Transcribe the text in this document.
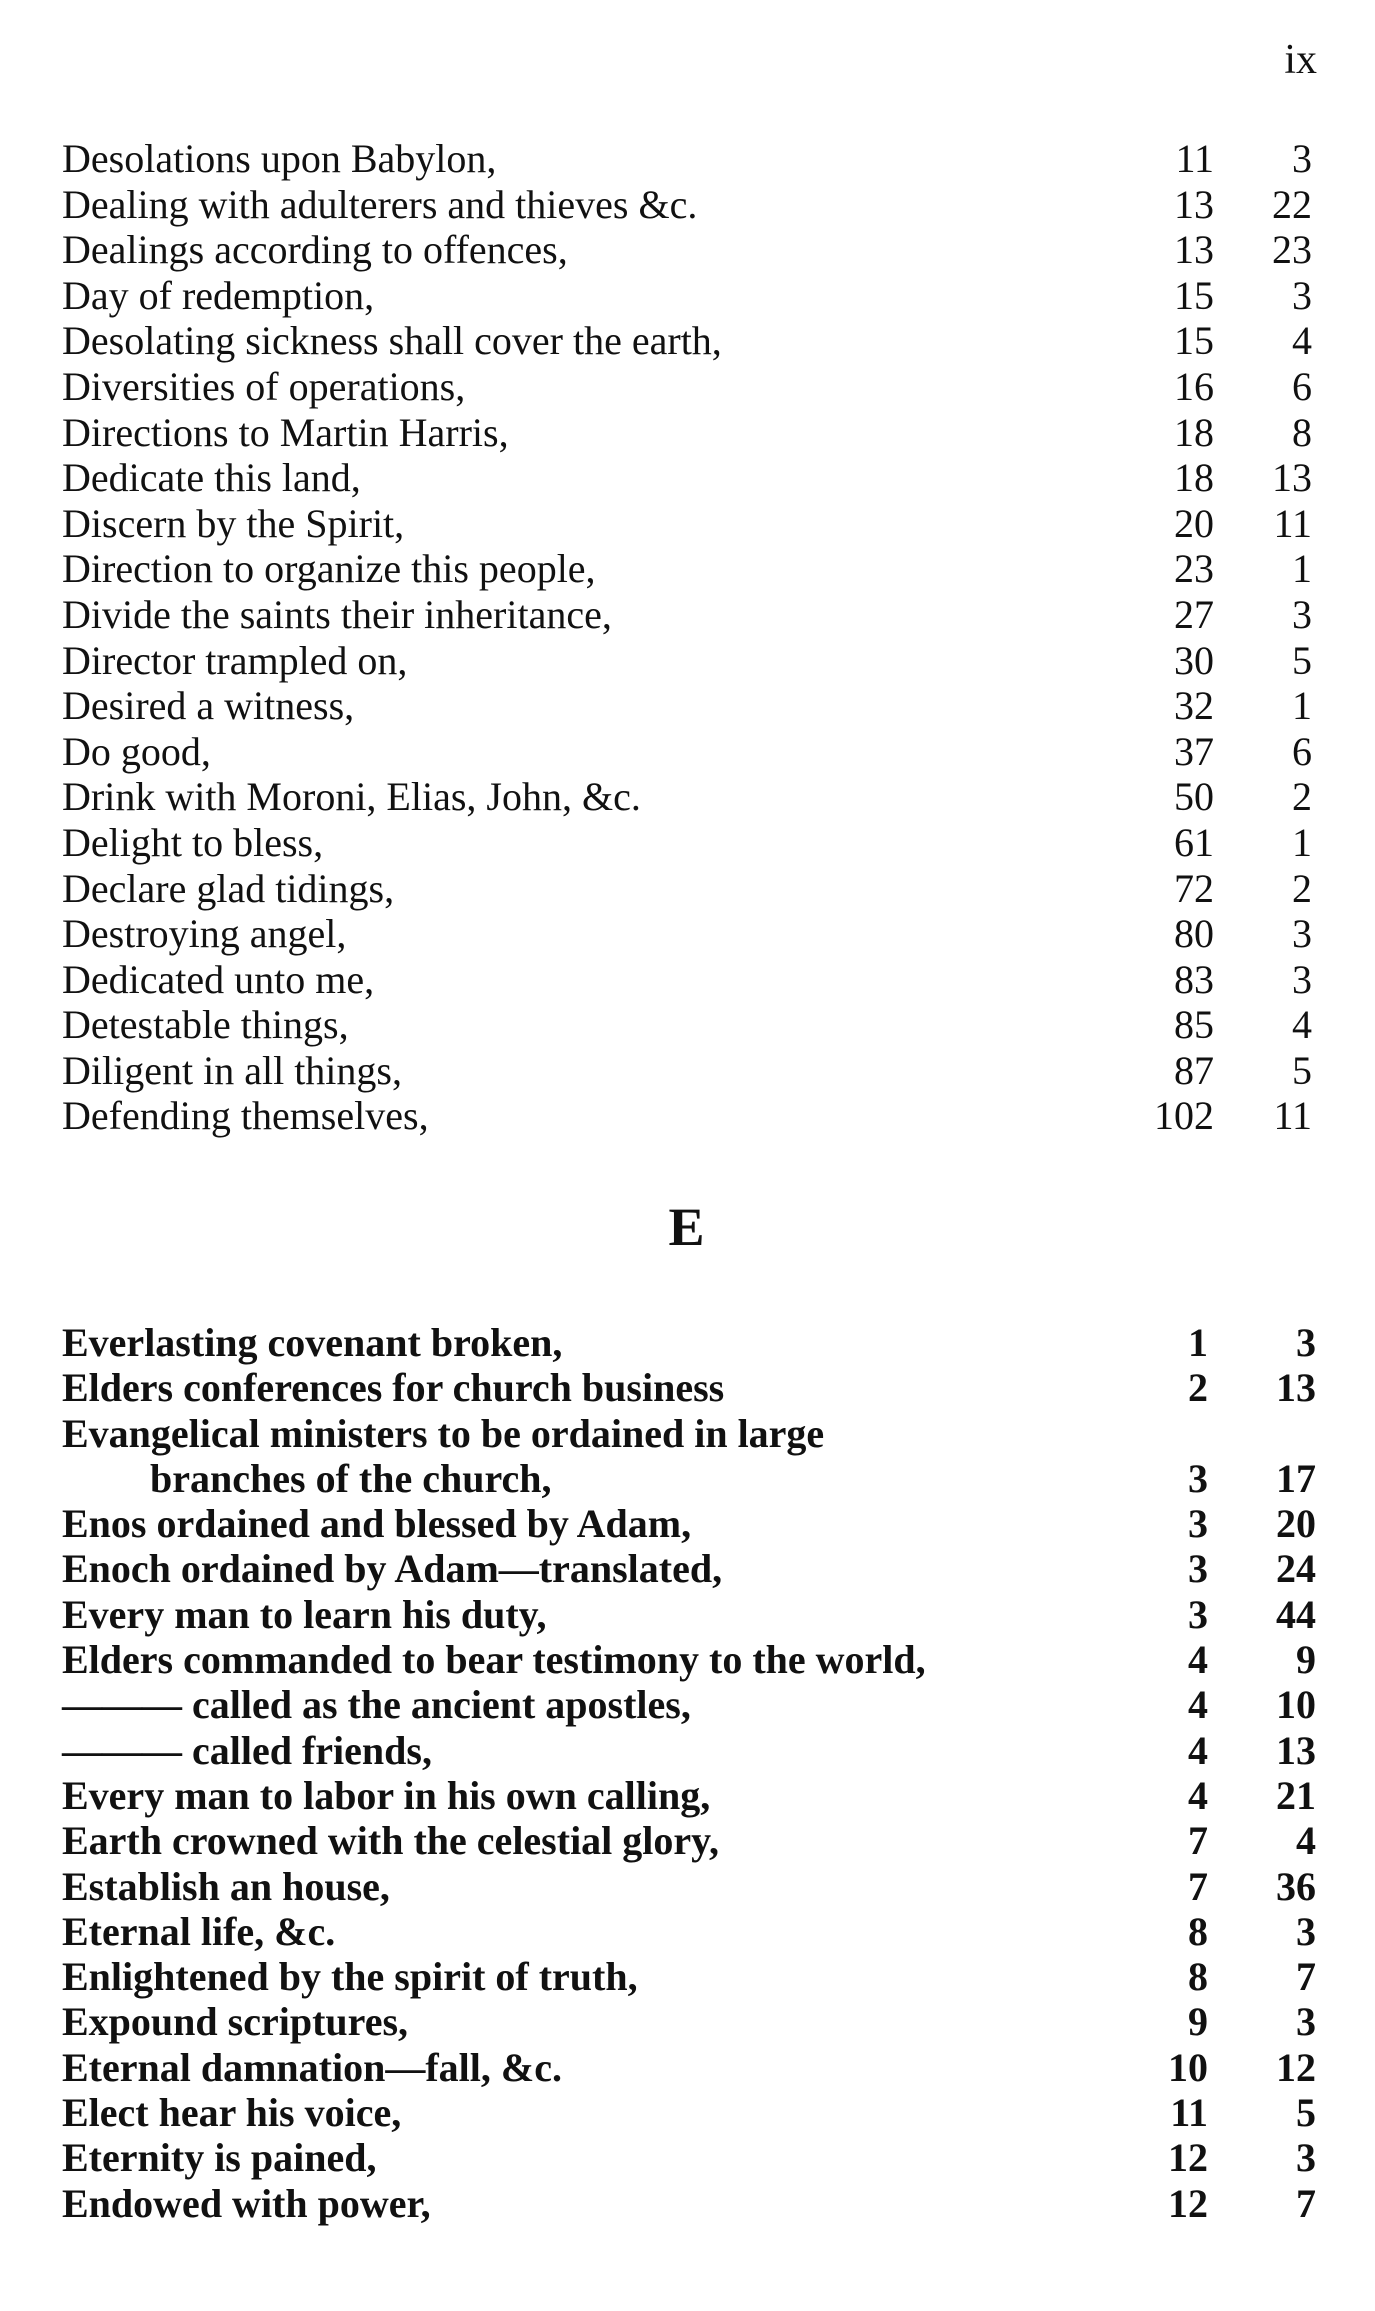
ix
Desolations upon Babylon,	11	3
Dealing with adulterers and thieves &c.	13	22
Dealings according to offences,	13	23
Day of redemption,	15	3
Desolating sickness shall cover the earth,	15	4
Diversities of operations,	16	6
Directions to Martin Harris,	18	8
Dedicate this land,	18	13
Discern by the Spirit,	20	11
Direction to organize this people,	23	1
Divide the saints their inheritance,	27	3
Director trampled on,	30	5
Desired a witness,	32	1
Do good,	37	6
Drink with Moroni, Elias, John, &c.	50	2
Delight to bless,	61	1
Declare glad tidings,	72	2
Destroying angel,	80	3
Dedicated unto me,	83	3
Detestable things,	85	4
Diligent in all things,	87	5
Defending themselves,	102	11
E
Everlasting covenant broken,	1	3
Elders conferences for church business	2	13
Evangelical ministers to be ordained in large
branches of the church,	3	17
Enos ordained and blessed by Adam,	3	20
Enoch ordained by Adam—translated,	3	24
Every man to learn his duty,	3	44
Elders commanded to bear testimony to the world,	4	9
——— called as the ancient apostles,	4	10
——— called friends,	4	13
Every man to labor in his own calling,	4	21
Earth crowned with the celestial glory,	7	4
Establish an house,	7	36
Eternal life, &c.	8	3
Enlightened by the spirit of truth,	8	7
Expound scriptures,	9	3
Eternal damnation—fall, &c.	10	12
Elect hear his voice,	11	5
Eternity is pained,	12	3
Endowed with power,	12	7
